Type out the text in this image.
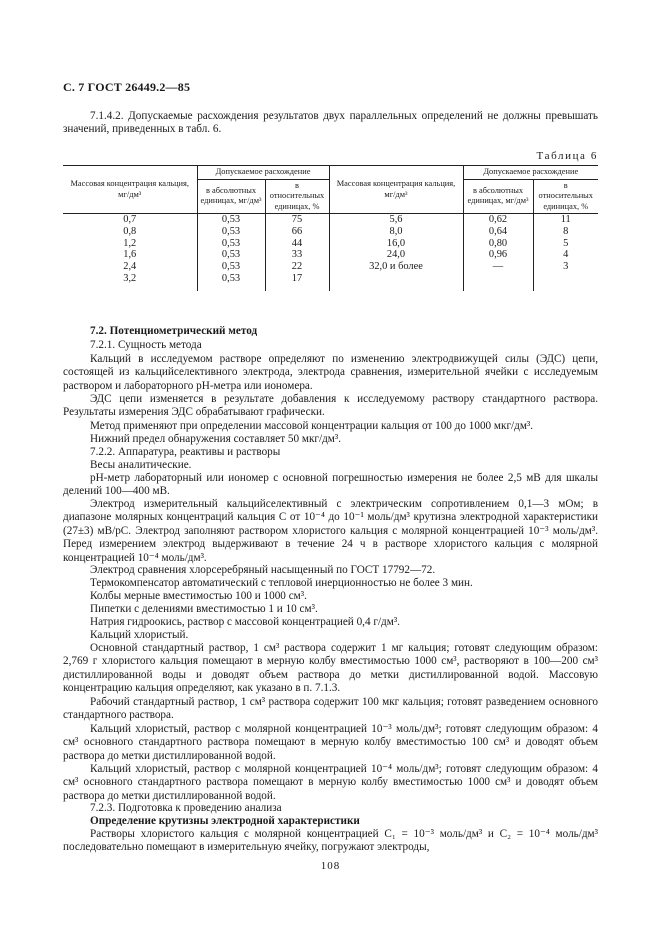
С. 7 ГОСТ 26449.2—85
7.1.4.2. Допускаемые расхождения результатов двух параллельных определений не должны превышать значений, приведенных в табл. 6.
Таблица 6
Массовая концентрация кальция, мг/дм³	Допускаемое расхождение		Массовая концентрация кальция, мг/дм³	Допускаемое расхождение	
	в абсолютных единицах, мг/дм³	в относительных единицах, %		в абсолютных единицах, мг/дм³	в относительных единицах, %
0,7	0,53	75	5,6	0,62	11
0,8	0,53	66	8,0	0,64	8
1,2	0,53	44	16,0	0,80	5
1,6	0,53	33	24,0	0,96	4
2,4	0,53	22	32,0 и более	—	3
3,2	0,53	17			
7.2. Потенциометрический метод
7.2.1. Сущность метода
Кальций в исследуемом растворе определяют по изменению электродвижущей силы (ЭДС) цепи, состоящей из кальцийселективного электрода, электрода сравнения, измерительной ячейки с исследуемым раствором и лабораторного pH-метра или иономера.
ЭДС цепи изменяется в результате добавления к исследуемому раствору стандартного раствора. Результаты измерения ЭДС обрабатывают графически.
Метод применяют при определении массовой концентрации кальция от 100 до 1000 мкг/дм³.
Нижний предел обнаружения составляет 50 мкг/дм³.
7.2.2. Аппаратура, реактивы и растворы
Весы аналитические.
pH-метр лабораторный или иономер с основной погрешностью измерения не более 2,5 мВ для шкалы делений 100—400 мВ.
Электрод измерительный кальцийселективный с электрическим сопротивлением 0,1—3 мОм; в диапазоне молярных концентраций кальция C от 10⁻⁴ до 10⁻¹ моль/дм³ крутизна электродной характеристики (27±3) мВ/pC. Электрод заполняют раствором хлористого кальция с молярной концентрацией 10⁻³ моль/дм³. Перед измерением электрод выдерживают в течение 24 ч в растворе хлористого кальция с молярной концентрацией 10⁻⁴ моль/дм³.
Электрод сравнения хлорсеребряный насыщенный по ГОСТ 17792—72.
Термокомпенсатор автоматический с тепловой инерционностью не более 3 мин.
Колбы мерные вместимостью 100 и 1000 см³.
Пипетки с делениями вместимостью 1 и 10 см³.
Натрия гидроокись, раствор с массовой концентрацией 0,4 г/дм³.
Кальций хлористый.
Основной стандартный раствор, 1 см³ раствора содержит 1 мг кальция; готовят следующим образом: 2,769 г хлористого кальция помещают в мерную колбу вместимостью 1000 см³, растворяют в 100—200 см³ дистиллированной воды и доводят объем раствора до метки дистиллированной водой. Массовую концентрацию кальция определяют, как указано в п. 7.1.3.
Рабочий стандартный раствор, 1 см³ раствора содержит 100 мкг кальция; готовят разведением основного стандартного раствора.
Кальций хлористый, раствор с молярной концентрацией 10⁻³ моль/дм³; готовят следующим образом: 4 см³ основного стандартного раствора помещают в мерную колбу вместимостью 100 см³ и доводят объем раствора до метки дистиллированной водой.
Кальций хлористый, раствор с молярной концентрацией 10⁻⁴ моль/дм³; готовят следующим образом: 4 см³ основного стандартного раствора помещают в мерную колбу вместимостью 1000 см³ и доводят объем раствора до метки дистиллированной водой.
7.2.3. Подготовка к проведению анализа
Определение крутизны электродной характеристики
Растворы хлористого кальция с молярной концентрацией C₁ = 10⁻³ моль/дм³ и C₂ = 10⁻⁴ моль/дм³ последовательно помещают в измерительную ячейку, погружают электроды,
108
